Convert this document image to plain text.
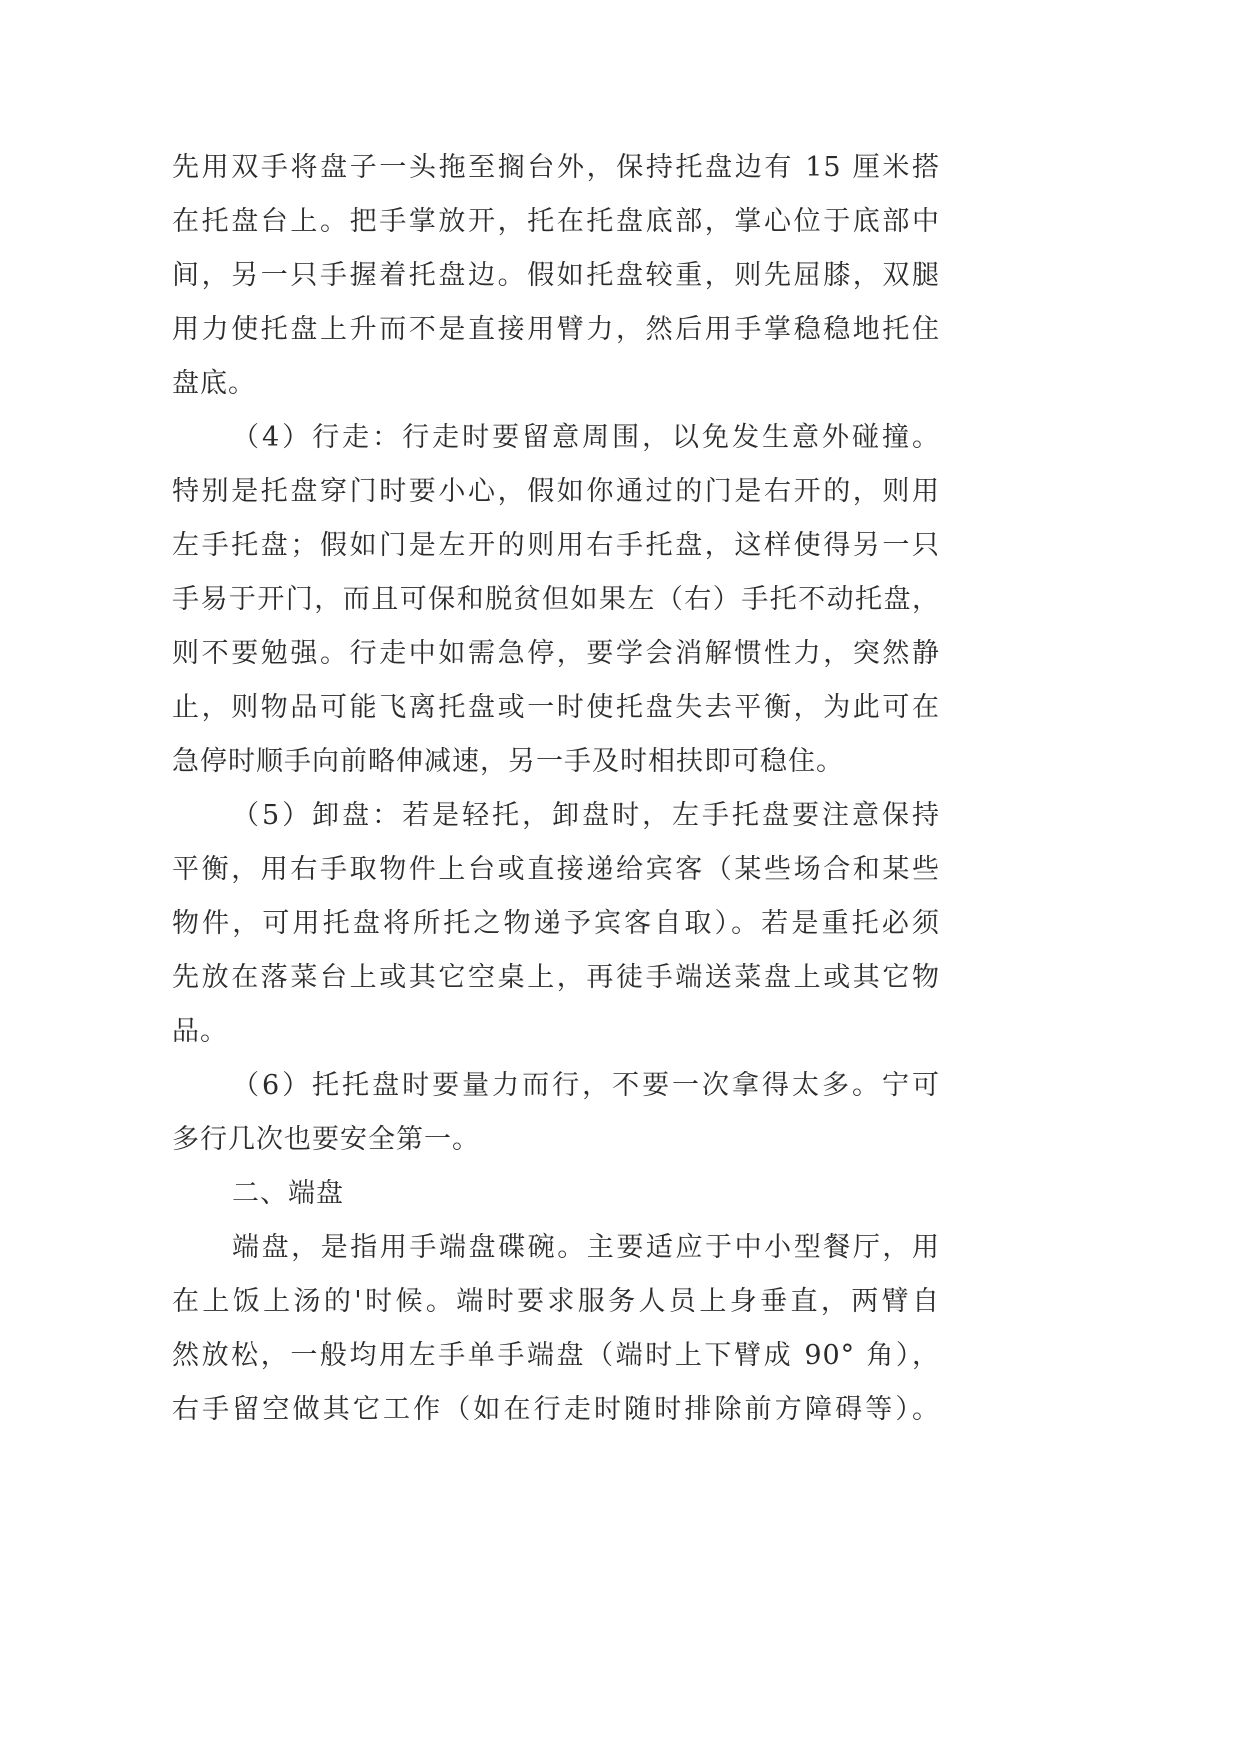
先用双手将盘子一头拖至搁台外，保持托盘边有 15 厘米搭
在托盘台上。把手掌放开，托在托盘底部，掌心位于底部中
间，另一只手握着托盘边。假如托盘较重，则先屈膝，双腿
用力使托盘上升而不是直接用臂力，然后用手掌稳稳地托住
盘底。
（4）行走：行走时要留意周围，以免发生意外碰撞。
特别是托盘穿门时要小心，假如你通过的门是右开的，则用
左手托盘；假如门是左开的则用右手托盘，这样使得另一只
手易于开门，而且可保和脱贫但如果左（右）手托不动托盘，
则不要勉强。行走中如需急停，要学会消解惯性力，突然静
止，则物品可能飞离托盘或一时使托盘失去平衡，为此可在
急停时顺手向前略伸减速，另一手及时相扶即可稳住。
（5）卸盘：若是轻托，卸盘时，左手托盘要注意保持
平衡，用右手取物件上台或直接递给宾客（某些场合和某些
物件，可用托盘将所托之物递予宾客自取）。若是重托必须
先放在落菜台上或其它空桌上，再徒手端送菜盘上或其它物
品。
（6）托托盘时要量力而行，不要一次拿得太多。宁可
多行几次也要安全第一。
二、端盘
端盘，是指用手端盘碟碗。主要适应于中小型餐厅，用
在上饭上汤的'时候。端时要求服务人员上身垂直，两臂自
然放松，一般均用左手单手端盘（端时上下臂成 90° 角），
右手留空做其它工作（如在行走时随时排除前方障碍等）。
